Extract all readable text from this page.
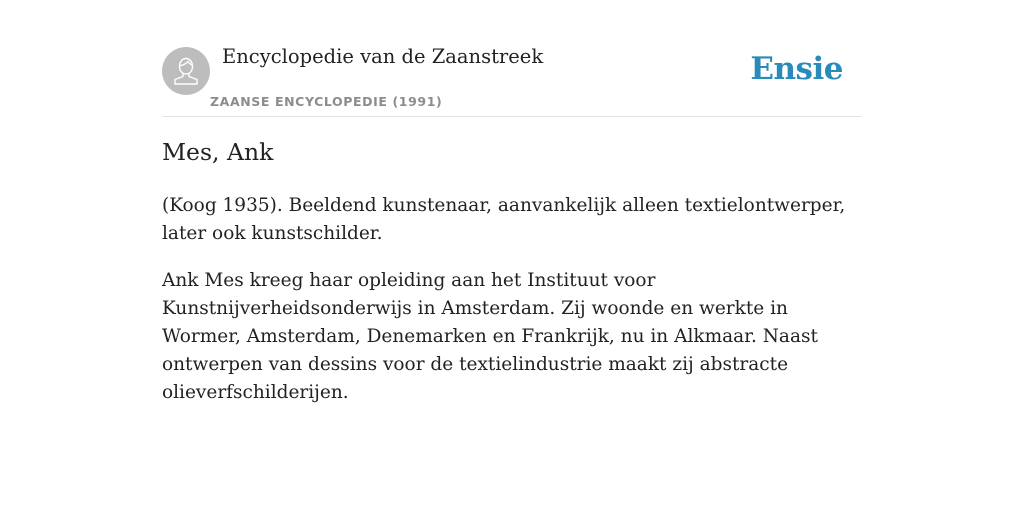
Encyclopedie van de Zaanstreek
ZAANSE ENCYCLOPEDIE (1991)
Ensie
Mes, Ank

(Koog 1935). Beeldend kunstenaar, aanvankelijk alleen textielontwerper, later ook kunstschilder.

Ank Mes kreeg haar opleiding aan het Instituut voor Kunstnijverheidsonderwijs in Amsterdam. Zij woonde en werkte in Wormer, Amsterdam, Denemarken en Frankrijk, nu in Alkmaar. Naast ontwerpen van dessins voor de textielindustrie maakt zij abstracte olieverfschilderijen.
